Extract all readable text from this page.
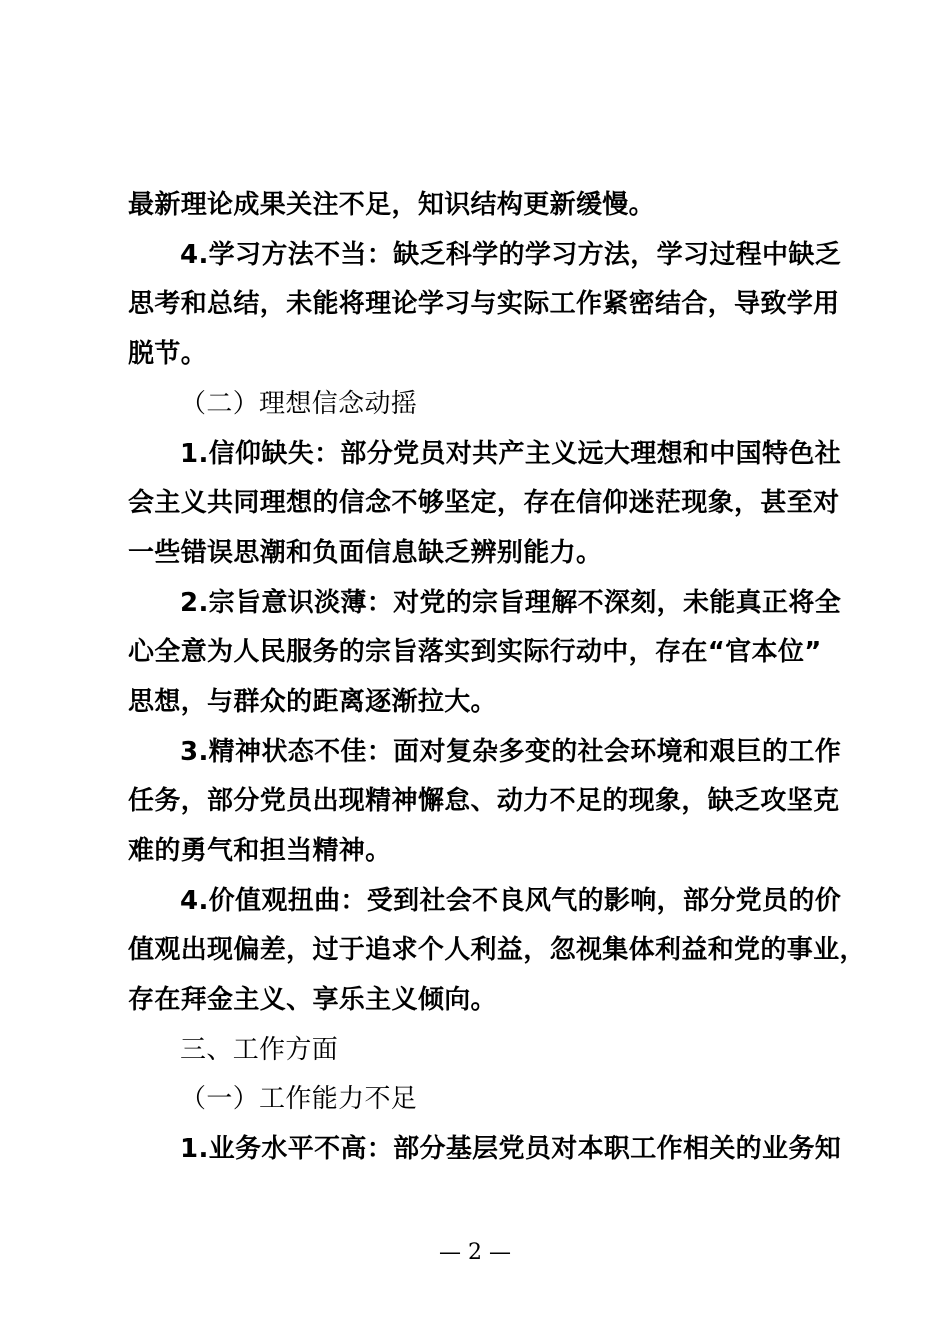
最新理论成果关注不足，知识结构更新缓慢。
4.学习方法不当：缺乏科学的学习方法，学习过程中缺乏
思考和总结，未能将理论学习与实际工作紧密结合，导致学用
脱节。
（二）理想信念动摇
1.信仰缺失：部分党员对共产主义远大理想和中国特色社
会主义共同理想的信念不够坚定，存在信仰迷茫现象，甚至对
一些错误思潮和负面信息缺乏辨别能力。
2.宗旨意识淡薄：对党的宗旨理解不深刻，未能真正将全
心全意为人民服务的宗旨落实到实际行动中，存在“官本位”
思想，与群众的距离逐渐拉大。
3.精神状态不佳：面对复杂多变的社会环境和艰巨的工作
任务，部分党员出现精神懈怠、动力不足的现象，缺乏攻坚克
难的勇气和担当精神。
4.价值观扭曲：受到社会不良风气的影响，部分党员的价
值观出现偏差，过于追求个人利益，忽视集体利益和党的事业，
存在拜金主义、享乐主义倾向。
三、工作方面
（一）工作能力不足
1.业务水平不高：部分基层党员对本职工作相关的业务知
— 2 —
